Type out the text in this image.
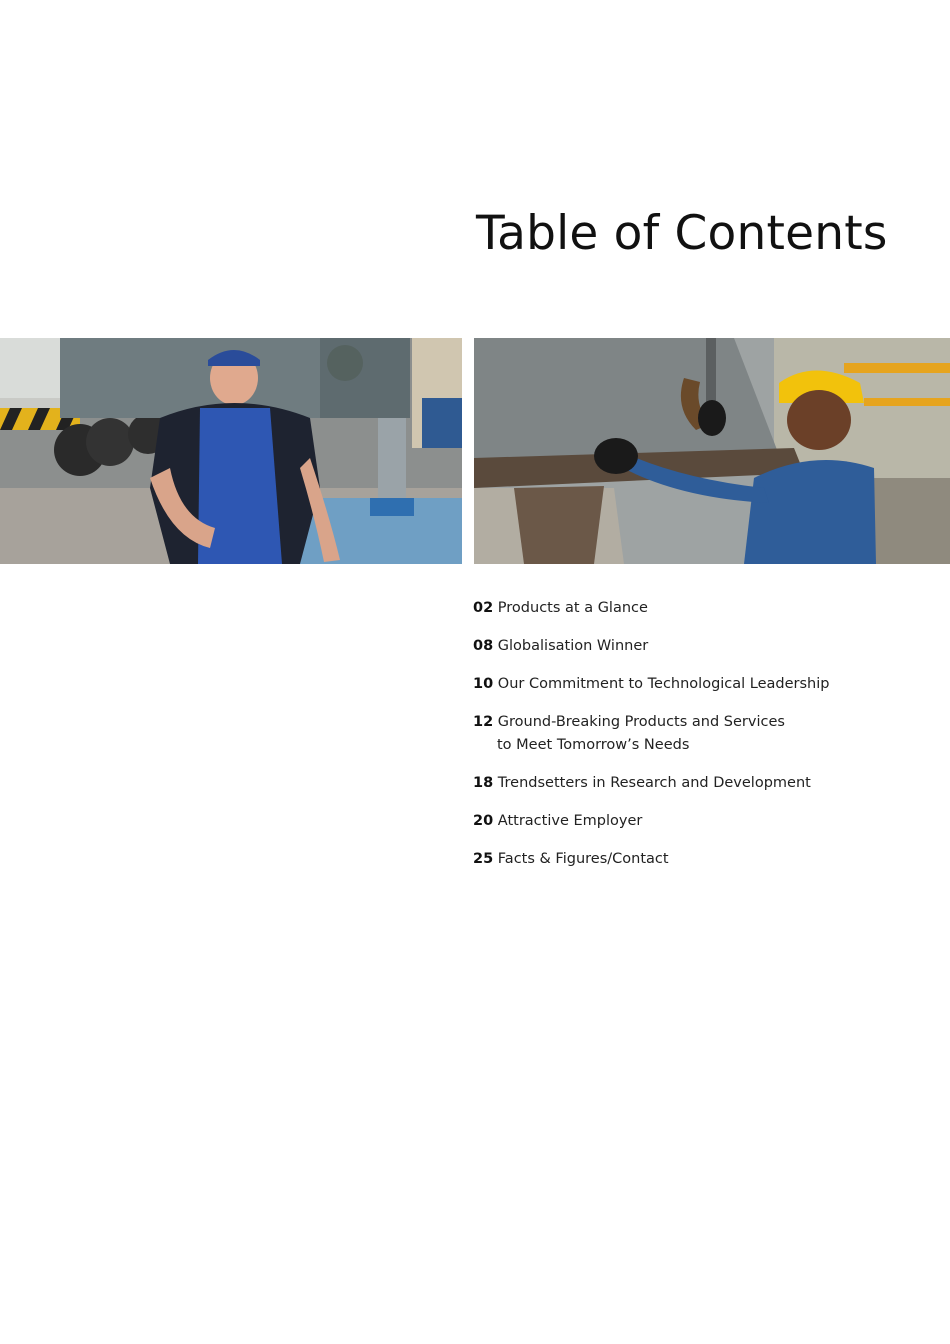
Table of Contents
02 Products at a Glance
08 Globalisation Winner
10 Our Commitment to Technological Leadership
12 Ground-Breaking Products and Services
to Meet Tomorrow’s Needs
18 Trendsetters in Research and Development
20 Attractive Employer
25 Facts & Figures/Contact
